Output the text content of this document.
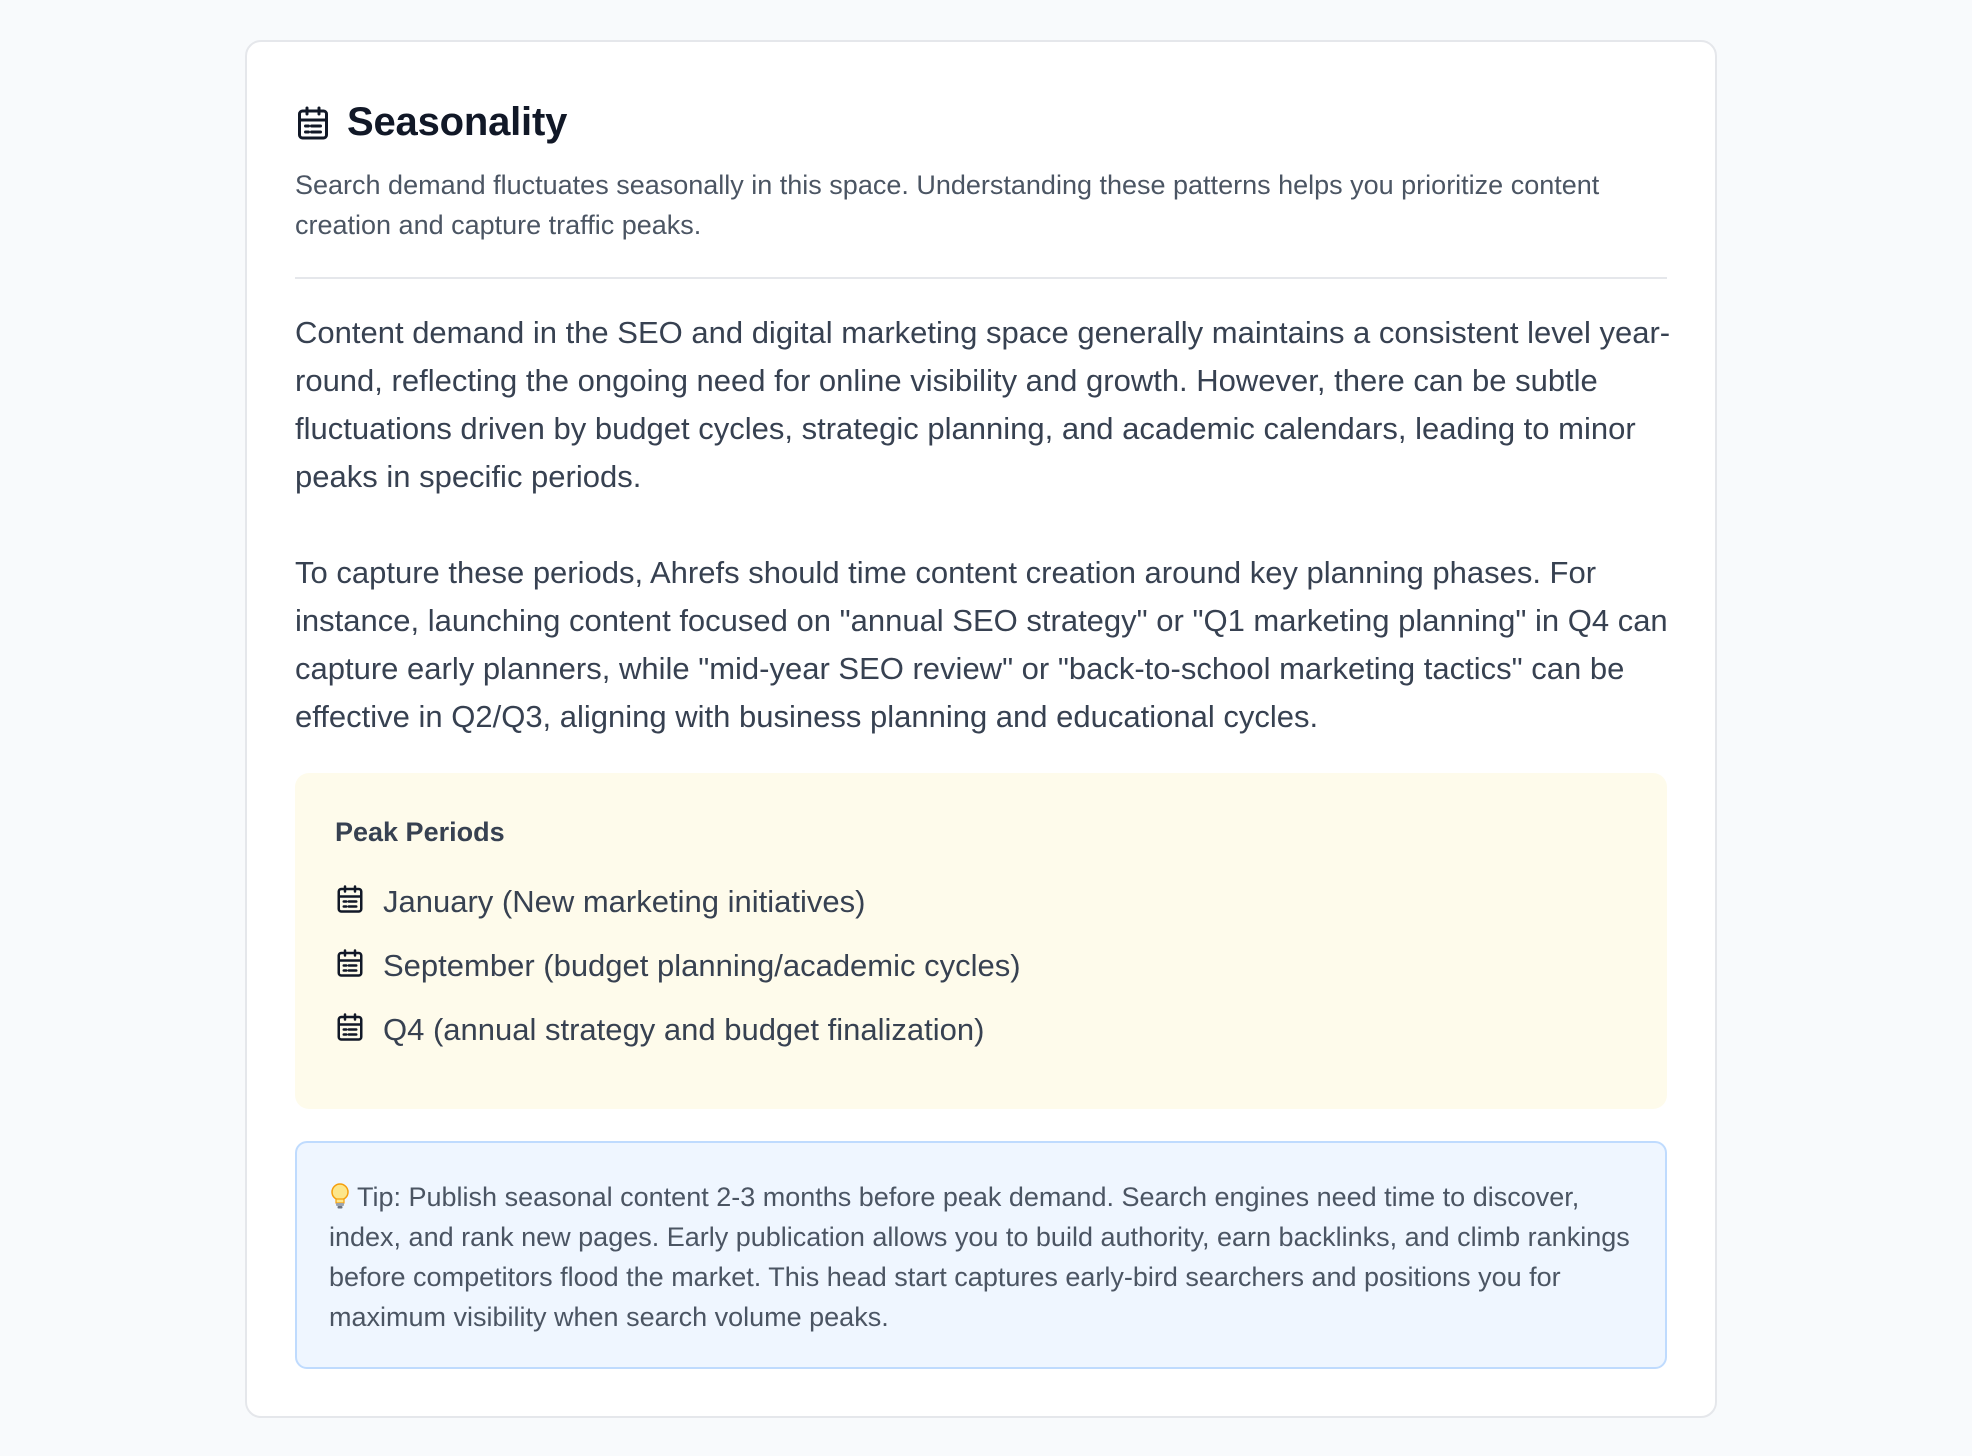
Seasonality

Search demand fluctuates seasonally in this space. Understanding these patterns helps you prioritize content creation and capture traffic peaks.

Content demand in the SEO and digital marketing space generally maintains a consistent level year-round, reflecting the ongoing need for online visibility and growth. However, there can be subtle fluctuations driven by budget cycles, strategic planning, and academic calendars, leading to minor peaks in specific periods.

To capture these periods, Ahrefs should time content creation around key planning phases. For instance, launching content focused on "annual SEO strategy" or "Q1 marketing planning" in Q4 can capture early planners, while "mid-year SEO review" or "back-to-school marketing tactics" can be effective in Q2/Q3, aligning with business planning and educational cycles.

Peak Periods
January (New marketing initiatives)
September (budget planning/academic cycles)
Q4 (annual strategy and budget finalization)
Tip: Publish seasonal content 2-3 months before peak demand. Search engines need time to discover, index, and rank new pages. Early publication allows you to build authority, earn backlinks, and climb rankings before competitors flood the market. This head start captures early-bird searchers and positions you for maximum visibility when search volume peaks.
